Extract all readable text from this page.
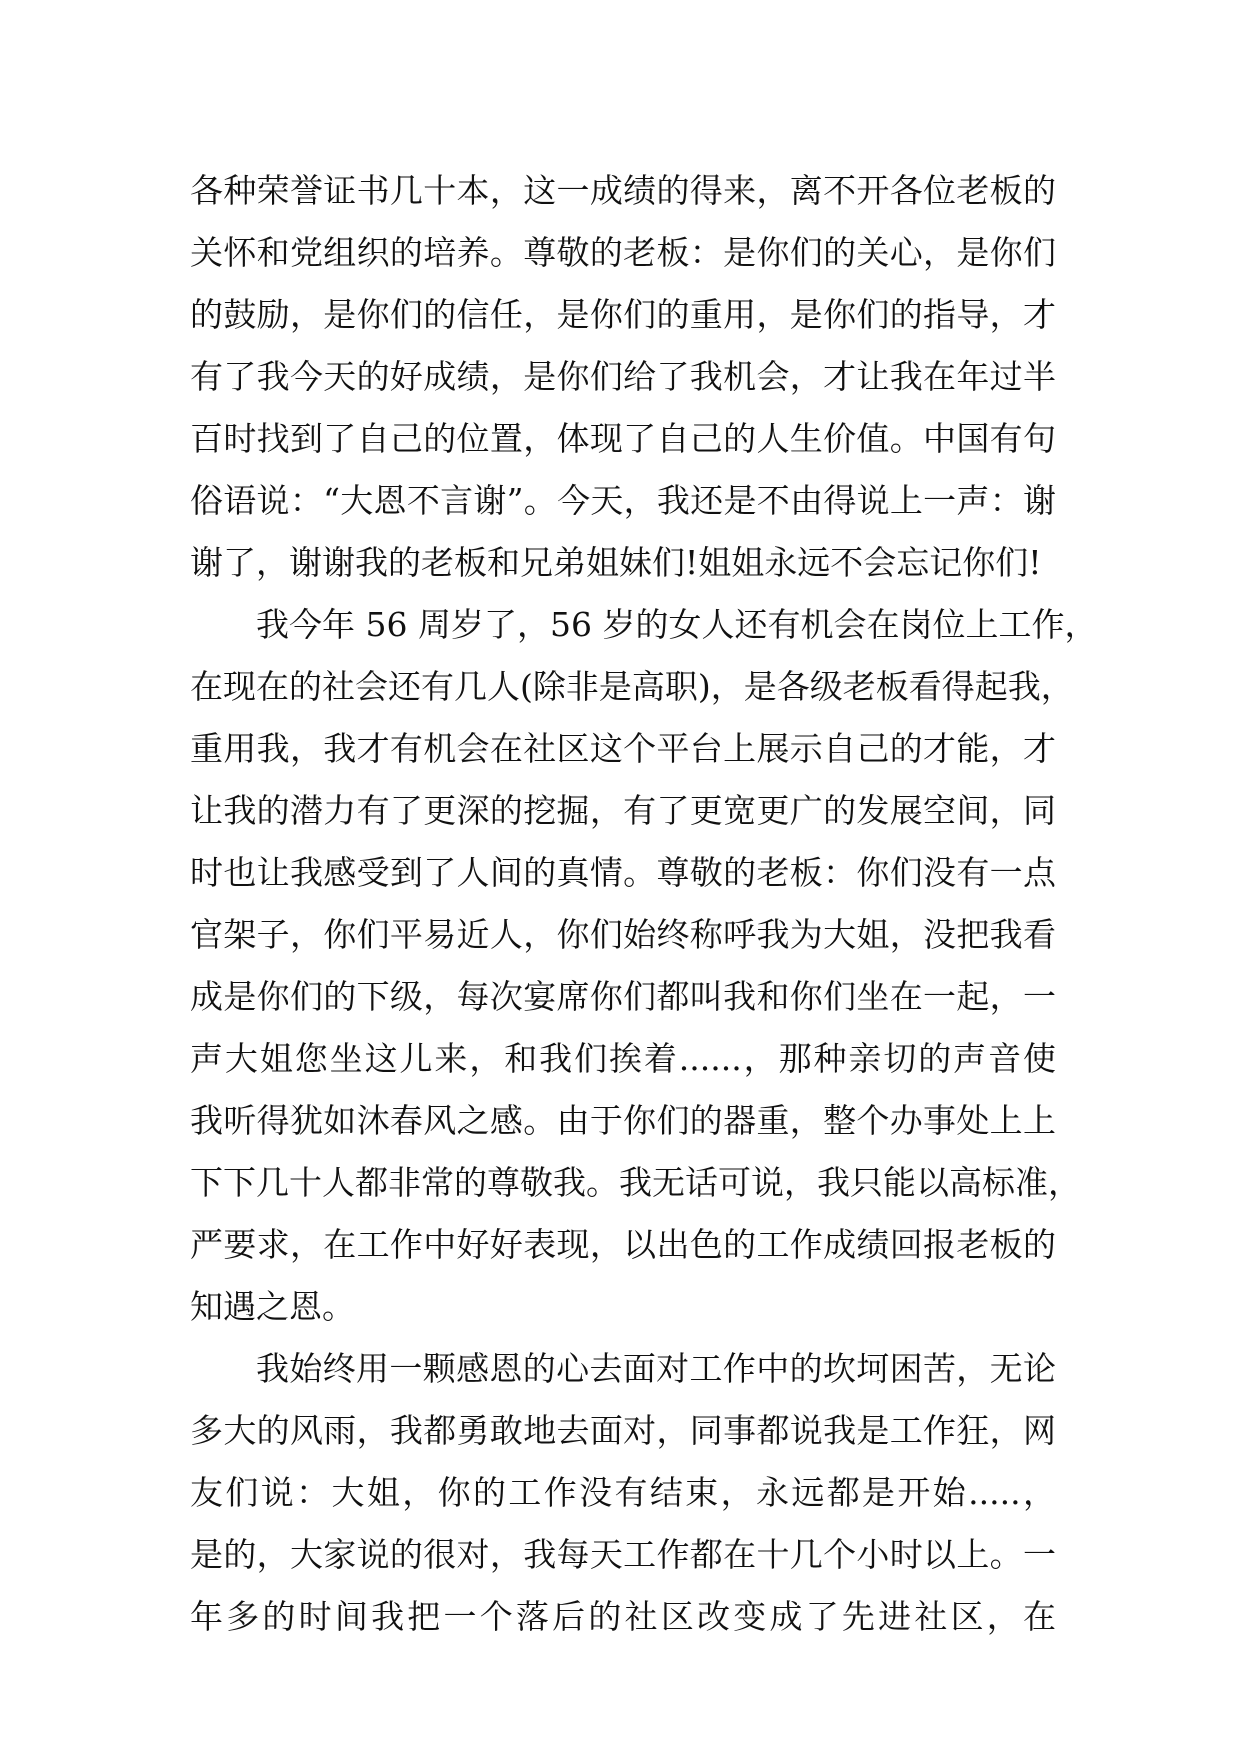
各种荣誉证书几十本，这一成绩的得来，离不开各位老板的
关怀和党组织的培养。尊敬的老板：是你们的关心，是你们
的鼓励，是你们的信任，是你们的重用，是你们的指导，才
有了我今天的好成绩，是你们给了我机会，才让我在年过半
百时找到了自己的位置，体现了自己的人生价值。中国有句
俗语说：“大恩不言谢”。今天，我还是不由得说上一声：谢
谢了，谢谢我的老板和兄弟姐妹们!姐姐永远不会忘记你们!
我今年 56 周岁了，56 岁的女人还有机会在岗位上工作，
在现在的社会还有几人(除非是高职)，是各级老板看得起我，
重用我，我才有机会在社区这个平台上展示自己的才能，才
让我的潜力有了更深的挖掘，有了更宽更广的发展空间，同
时也让我感受到了人间的真情。尊敬的老板：你们没有一点
官架子，你们平易近人，你们始终称呼我为大姐，没把我看
成是你们的下级，每次宴席你们都叫我和你们坐在一起，一
声大姐您坐这儿来，和我们挨着......，那种亲切的声音使
我听得犹如沐春风之感。由于你们的器重，整个办事处上上
下下几十人都非常的尊敬我。我无话可说，我只能以高标准，
严要求，在工作中好好表现，以出色的工作成绩回报老板的
知遇之恩。
我始终用一颗感恩的心去面对工作中的坎坷困苦，无论
多大的风雨，我都勇敢地去面对，同事都说我是工作狂，网
友们说：大姐，你的工作没有结束，永远都是开始.....，
是的，大家说的很对，我每天工作都在十几个小时以上。一
年多的时间我把一个落后的社区改变成了先进社区，在
